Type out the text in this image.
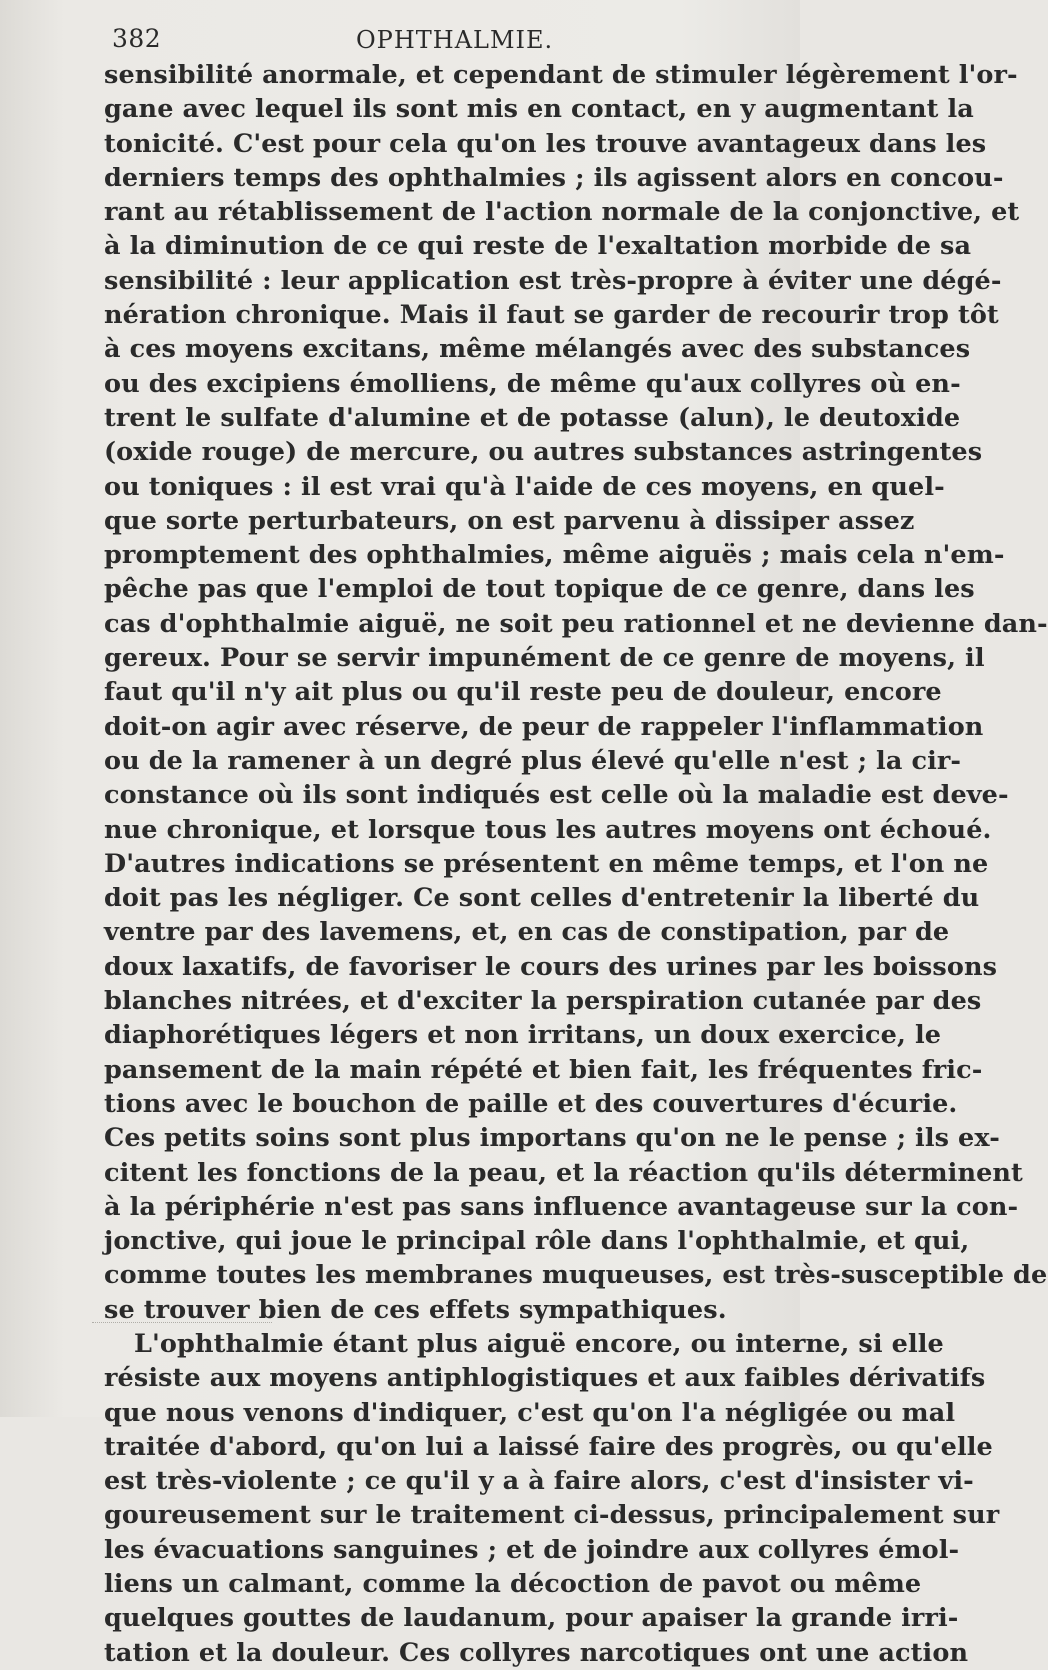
382	OPHTHALMIE.
sensibilité anormale, et cependant de stimuler légèrement l'or-
gane avec lequel ils sont mis en contact, en y augmentant la
tonicité. C'est pour cela qu'on les trouve avantageux dans les
derniers temps des ophthalmies ; ils agissent alors en concou-
rant au rétablissement de l'action normale de la conjonctive, et
à la diminution de ce qui reste de l'exaltation morbide de sa
sensibilité : leur application est très-propre à éviter une dégé-
nération chronique. Mais il faut se garder de recourir trop tôt
à ces moyens excitans, même mélangés avec des substances
ou des excipiens émolliens, de même qu'aux collyres où en-
trent le sulfate d'alumine et de potasse (alun), le deutoxide
(oxide rouge) de mercure, ou autres substances astringentes
ou toniques : il est vrai qu'à l'aide de ces moyens, en quel-
que sorte perturbateurs, on est parvenu à dissiper assez
promptement des ophthalmies, même aiguës ; mais cela n'em-
pêche pas que l'emploi de tout topique de ce genre, dans les
cas d'ophthalmie aiguë, ne soit peu rationnel et ne devienne dan-
gereux. Pour se servir impunément de ce genre de moyens, il
faut qu'il n'y ait plus ou qu'il reste peu de douleur, encore
doit-on agir avec réserve, de peur de rappeler l'inflammation
ou de la ramener à un degré plus élevé qu'elle n'est ; la cir-
constance où ils sont indiqués est celle où la maladie est deve-
nue chronique, et lorsque tous les autres moyens ont échoué.
D'autres indications se présentent en même temps, et l'on ne
doit pas les négliger. Ce sont celles d'entretenir la liberté du
ventre par des lavemens, et, en cas de constipation, par de
doux laxatifs, de favoriser le cours des urines par les boissons
blanches nitrées, et d'exciter la perspiration cutanée par des
diaphorétiques légers et non irritans, un doux exercice, le
pansement de la main répété et bien fait, les fréquentes fric-
tions avec le bouchon de paille et des couvertures d'écurie.
Ces petits soins sont plus importans qu'on ne le pense ; ils ex-
citent les fonctions de la peau, et la réaction qu'ils déterminent
à la périphérie n'est pas sans influence avantageuse sur la con-
jonctive, qui joue le principal rôle dans l'ophthalmie, et qui,
comme toutes les membranes muqueuses, est très-susceptible de
se trouver bien de ces effets sympathiques.
L'ophthalmie étant plus aiguë encore, ou interne, si elle
résiste aux moyens antiphlogistiques et aux faibles dérivatifs
que nous venons d'indiquer, c'est qu'on l'a négligée ou mal
traitée d'abord, qu'on lui a laissé faire des progrès, ou qu'elle
est très-violente ; ce qu'il y a à faire alors, c'est d'insister vi-
goureusement sur le traitement ci-dessus, principalement sur
les évacuations sanguines ; et de joindre aux collyres émol-
liens un calmant, comme la décoction de pavot ou même
quelques gouttes de laudanum, pour apaiser la grande irri-
tation et la douleur. Ces collyres narcotiques ont une action
